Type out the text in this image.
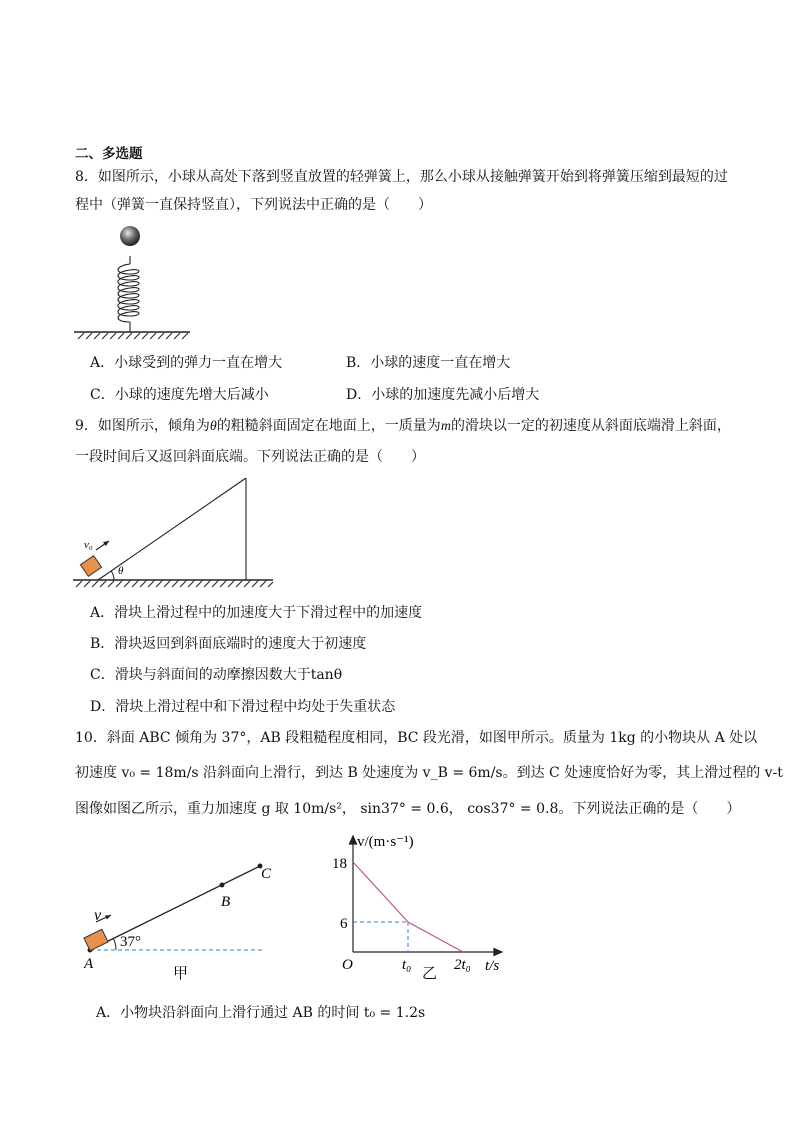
二、多选题
8．如图所示，小球从高处下落到竖直放置的轻弹簧上，那么小球从接触弹簧开始到将弹簧压缩到最短的过
程中（弹簧一直保持竖直），下列说法中正确的是（　　）
A．小球受到的弹力一直在增大	B．小球的速度一直在增大
C．小球的速度先增大后减小	D．小球的加速度先减小后增大
9．如图所示，倾角为θ的粗糙斜面固定在地面上，一质量为m的滑块以一定的初速度从斜面底端滑上斜面，
一段时间后又返回斜面底端。下列说法正确的是（　　）
v₀
θ
A．滑块上滑过程中的加速度大于下滑过程中的加速度
B．滑块返回到斜面底端时的速度大于初速度
C．滑块与斜面间的动摩擦因数大于tanθ
D．滑块上滑过程中和下滑过程中均处于失重状态
10．斜面 ABC 倾角为 37°，AB 段粗糙程度相同，BC 段光滑，如图甲所示。质量为 1kg 的小物块从 A 处以
初速度 v₀ = 18m/s 沿斜面向上滑行，到达 B 处速度为 v_B = 6m/s。到达 C 处速度恰好为零，其上滑过程的 v-t
图像如图乙所示，重力加速度 g 取 10m/s²， sin37° = 0.6， cos37° = 0.8。下列说法正确的是（　　）
v
37°
A
B
C
甲
18
6
v/(m·s⁻¹)
O	t₀	2t₀ t/s
乙
A．小物块沿斜面向上滑行通过 AB 的时间 t₀ = 1.2s
